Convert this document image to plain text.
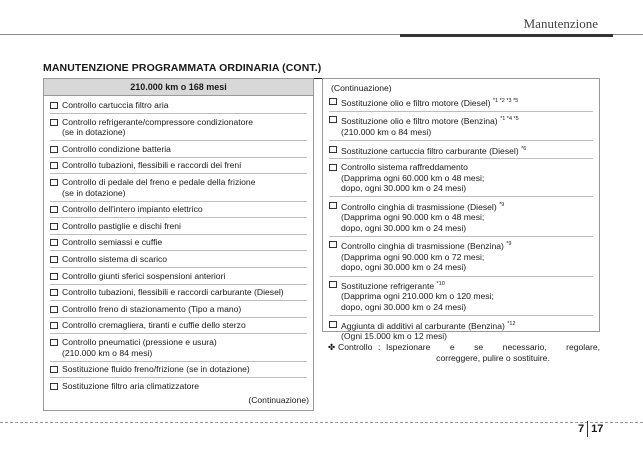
Manutenzione
MANUTENZIONE PROGRAMMATA ORDINARIA (CONT.)
210.000 km o 168 mesi
Controllo cartuccia filtro aria
Controllo refrigerante/compressore condizionatore
(se in dotazione)
Controllo condizione batteria
Controllo tubazioni, flessibili e raccordi dei freni
Controllo di pedale del freno e pedale della frizione
(se in dotazione)
Controllo dell'intero impianto elettrico
Controllo pastiglie e dischi freni
Controllo semiassi e cuffie
Controllo sistema di scarico
Controllo giunti sferici sospensioni anteriori
Controllo tubazioni, flessibili e raccordi carburante (Diesel)
Controllo freno di stazionamento (Tipo a mano)
Controllo cremagliera, tiranti e cuffie dello sterzo
Controllo pneumatici (pressione e usura)
(210.000 km o 84 mesi)
Sostituzione fluido freno/frizione (se in dotazione)
Sostituzione filtro aria climatizzatore
(Continuazione)
(Continuazione)
Sostituzione olio e filtro motore (Diesel) $^{*1 *2 *3 *5}$
Sostituzione olio e filtro motore (Benzina) $^{*1 *4 *5}$
(210.000 km o 84 mesi)
Sostituzione cartuccia filtro carburante (Diesel) $^{*6}$
Controllo sistema raffreddamento
(Dapprima ogni 60.000 km o 48 mesi;
dopo, ogni 30.000 km o 24 mesi)
Controllo cinghia di trasmissione (Diesel) $^{*9}$
(Dapprima ogni 90.000 km o 48 mesi;
dopo, ogni 30.000 km o 24 mesi)
Controllo cinghia di trasmissione (Benzina) $^{*9}$
(Dapprima ogni 90.000 km o 72 mesi;
dopo, ogni 30.000 km o 24 mesi)
Sostituzione refrigerante $^{*10}$
(Dapprima ogni 210.000 km o 120 mesi;
dopo, ogni 30.000 km o 24 mesi)
Aggiunta di additivi al carburante (Benzina) $^{*12}$
(Ogni 15.000 km o 12 mesi)
✤ Controllo : Ispezionare e se necessario, regolare,
correggere, pulire o sostituire.
7 17
